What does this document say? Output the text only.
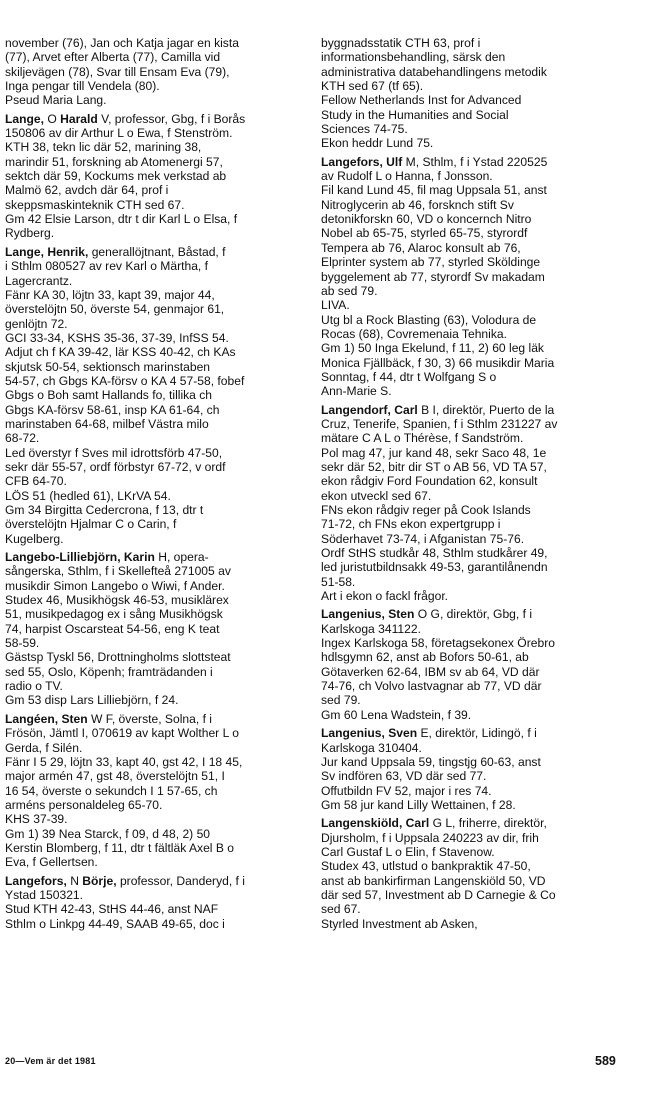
november (76), Jan och Katja jagar en kista
(77), Arvet efter Alberta (77), Camilla vid
skiljevägen (78), Svar till Ensam Eva (79),
Inga pengar till Vendela (80).
Pseud Maria Lang.
Lange, O Harald V, professor, Gbg, f i Borås
150806 av dir Arthur L o Ewa, f Stenström.
KTH 38, tekn lic där 52, marining 38,
marindir 51, forskning ab Atomenergi 57,
sektch där 59, Kockums mek verkstad ab
Malmö 62, avdch där 64, prof i
skeppsmaskinteknik CTH sed 67.
Gm 42 Elsie Larson, dtr t dir Karl L o Elsa, f
Rydberg.
Lange, Henrik, generallöjtnant, Båstad, f
i Sthlm 080527 av rev Karl o Märtha, f
Lagercrantz.
Fänr KA 30, löjtn 33, kapt 39, major 44,
överstelöjtn 50, överste 54, genmajor 61,
genlöjtn 72.
GCI 33-34, KSHS 35-36, 37-39, InfSS 54.
Adjut ch f KA 39-42, lär KSS 40-42, ch KAs
skjutsk 50-54, sektionsch marinstaben
54-57, ch Gbgs KA-försv o KA 4 57-58, fobef
Gbgs o Boh samt Hallands fo, tillika ch
Gbgs KA-försv 58-61, insp KA 61-64, ch
marinstaben 64-68, milbef Västra milo
68-72.
Led överstyr f Sves mil idrottsförb 47-50,
sekr där 55-57, ordf förbstyr 67-72, v ordf
CFB 64-70.
LÖS 51 (hedled 61), LKrVA 54.
Gm 34 Birgitta Cedercrona, f 13, dtr t
överstelöjtn Hjalmar C o Carin, f
Kugelberg.
Langebo-Lilliebjörn, Karin H, opera-
sångerska, Sthlm, f i Skellefteå 271005 av
musikdir Simon Langebo o Wiwi, f Ander.
Studex 46, Musikhögsk 46-53, musiklärex
51, musikpedagog ex i sång Musikhögsk
74, harpist Oscarsteat 54-56, eng K teat
58-59.
Gästsp Tyskl 56, Drottningholms slottsteat
sed 55, Oslo, Köpenh; framträdanden i
radio o TV.
Gm 53 disp Lars Lilliebjörn, f 24.
Langéen, Sten W F, överste, Solna, f i
Frösön, Jämtl I, 070619 av kapt Wolther L o
Gerda, f Silén.
Fänr I 5 29, löjtn 33, kapt 40, gst 42, I 18 45,
major armén 47, gst 48, överstelöjtn 51, I
16 54, överste o sekundch I 1 57-65, ch
arméns personaldeleg 65-70.
KHS 37-39.
Gm 1) 39 Nea Starck, f 09, d 48, 2) 50
Kerstin Blomberg, f 11, dtr t fältläk Axel B o
Eva, f Gellertsen.
Langefors, N Börje, professor, Danderyd, f i
Ystad 150321.
Stud KTH 42-43, StHS 44-46, anst NAF
Sthlm o Linkpg 44-49, SAAB 49-65, doc i
byggnadsstatik CTH 63, prof i
informationsbehandling, särsk den
administrativa databehandlingens metodik
KTH sed 67 (tf 65).
Fellow Netherlands Inst for Advanced
Study in the Humanities and Social
Sciences 74-75.
Ekon heddr Lund 75.
Langefors, Ulf M, Sthlm, f i Ystad 220525
av Rudolf L o Hanna, f Jonsson.
Fil kand Lund 45, fil mag Uppsala 51, anst
Nitroglycerin ab 46, forsknch stift Sv
detonikforskn 60, VD o koncernch Nitro
Nobel ab 65-75, styrled 65-75, styrordf
Tempera ab 76, Alaroc konsult ab 76,
Elprinter system ab 77, styrled Sköldinge
byggelement ab 77, styrordf Sv makadam
ab sed 79.
LIVA.
Utg bl a Rock Blasting (63), Volodura de
Rocas (68), Covremenaia Tehnika.
Gm 1) 50 Inga Ekelund, f 11, 2) 60 leg läk
Monica Fjällbäck, f 30, 3) 66 musikdir Maria
Sonntag, f 44, dtr t Wolfgang S o
Ann-Marie S.
Langendorf, Carl B I, direktör, Puerto de la
Cruz, Tenerife, Spanien, f i Sthlm 231227 av
mätare C A L o Thérèse, f Sandström.
Pol mag 47, jur kand 48, sekr Saco 48, 1e
sekr där 52, bitr dir ST o AB 56, VD TA 57,
ekon rådgiv Ford Foundation 62, konsult
ekon utveckl sed 67.
FNs ekon rådgiv reger på Cook Islands
71-72, ch FNs ekon expertgrupp i
Söderhavet 73-74, i Afganistan 75-76.
Ordf StHS studkår 48, Sthlm studkårer 49,
led juristutbildnsakk 49-53, garantilånendn
51-58.
Art i ekon o fackl frågor.
Langenius, Sten O G, direktör, Gbg, f i
Karlskoga 341122.
Ingex Karlskoga 58, företagsekonex Örebro
hdlsgymn 62, anst ab Bofors 50-61, ab
Götaverken 62-64, IBM sv ab 64, VD där
74-76, ch Volvo lastvagnar ab 77, VD där
sed 79.
Gm 60 Lena Wadstein, f 39.
Langenius, Sven E, direktör, Lidingö, f i
Karlskoga 310404.
Jur kand Uppsala 59, tingstjg 60-63, anst
Sv indfören 63, VD där sed 77.
Offutbildn FV 52, major i res 74.
Gm 58 jur kand Lilly Wettainen, f 28.
Langenskiöld, Carl G L, friherre, direktör,
Djursholm, f i Uppsala 240223 av dir, frih
Carl Gustaf L o Elin, f Stavenow.
Studex 43, utlstud o bankpraktik 47-50,
anst ab bankirfirman Langenskiöld 50, VD
där sed 57, Investment ab D Carnegie & Co
sed 67.
Styrled Investment ab Asken,
20—Vem är det 1981	589
